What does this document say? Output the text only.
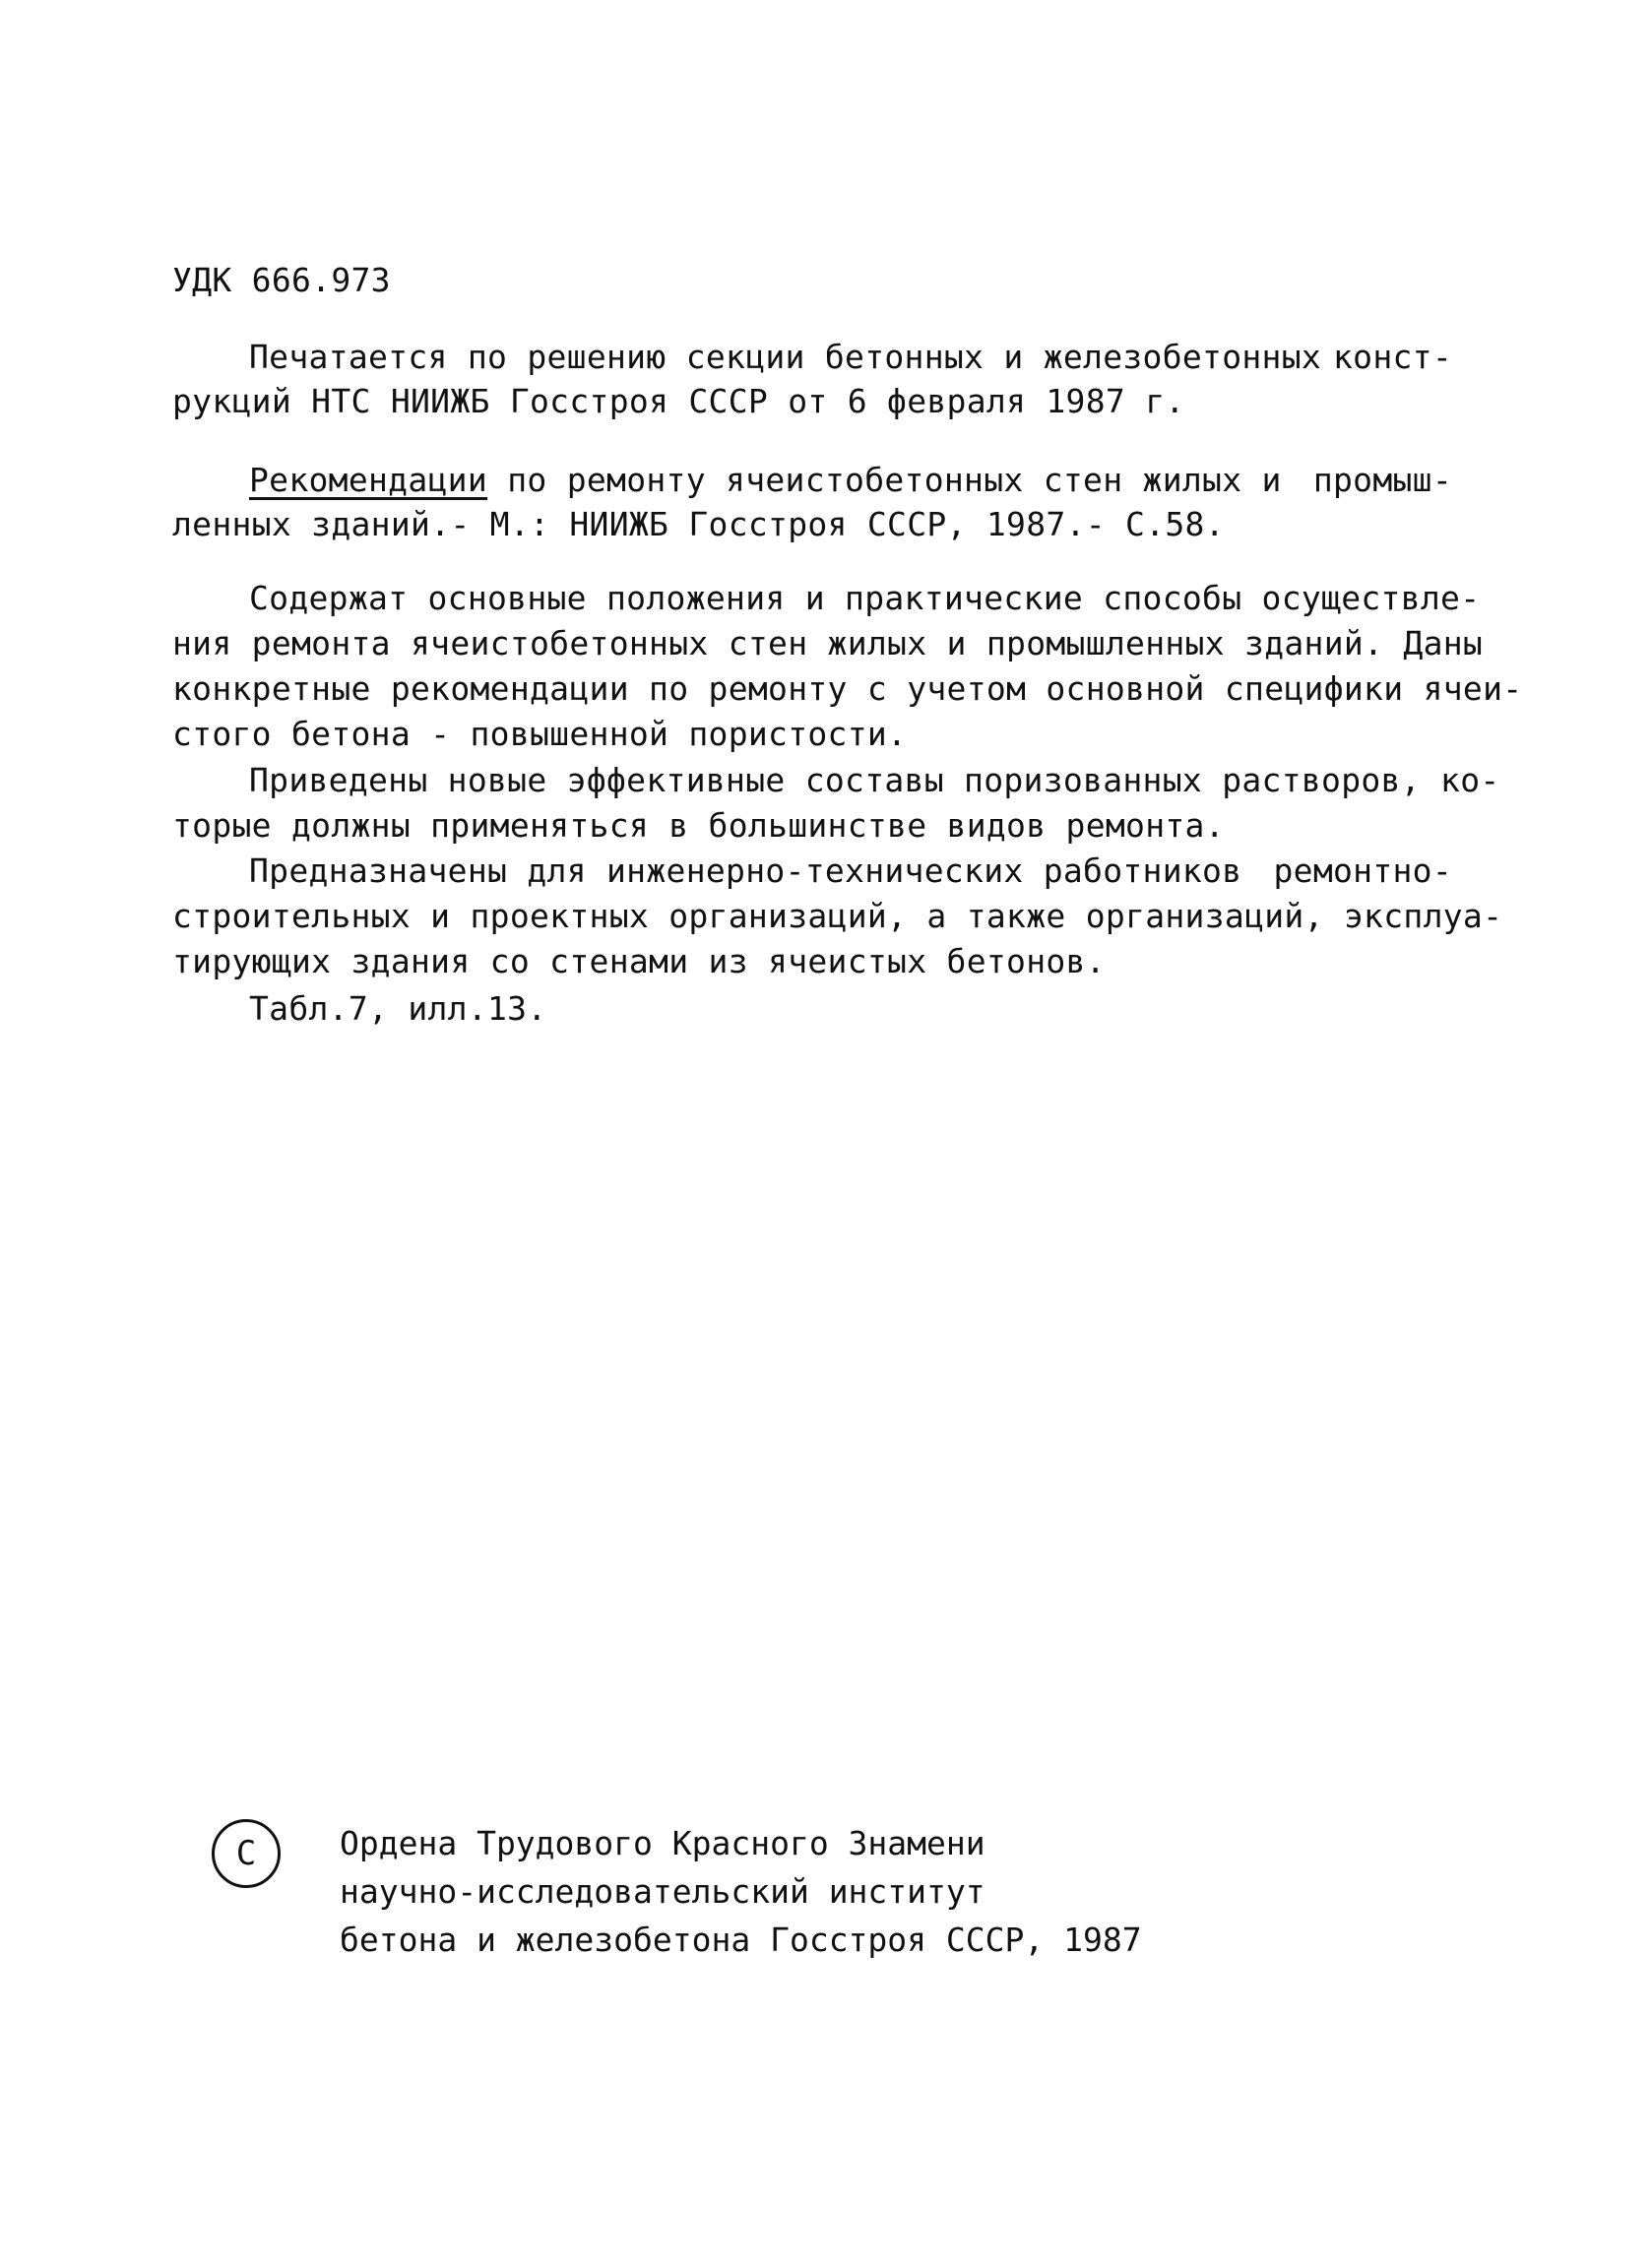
УДК 666.973
Печатается по решению секции бетонных и железобетонных конст-
рукций НТС НИИЖБ Госстроя СССР от 6 февраля 1987 г.
Рекомендации по ремонту ячеистобетонных стен жилых и промыш-
ленных зданий.- М.: НИИЖБ Госстроя СССР, 1987.- С.58.
Содержат основные положения и практические способы осуществле-
ния ремонта ячеистобетонных стен жилых и промышленных зданий. Даны
конкретные рекомендации по ремонту с учетом основной специфики ячеи-
стого бетона - повышенной пористости.
Приведены новые эффективные составы поризованных растворов, ко-
торые должны применяться в большинстве видов ремонта.
Предназначены для инженерно-технических работников ремонтно-
строительных и проектных организаций, а также организаций, эксплуа-
тирующих здания со стенами из ячеистых бетонов.
Табл.7, илл.13.
C	Ордена Трудового Красного Знамени
научно-исследовательский институт
бетона и железобетона Госстроя СССР, 1987
